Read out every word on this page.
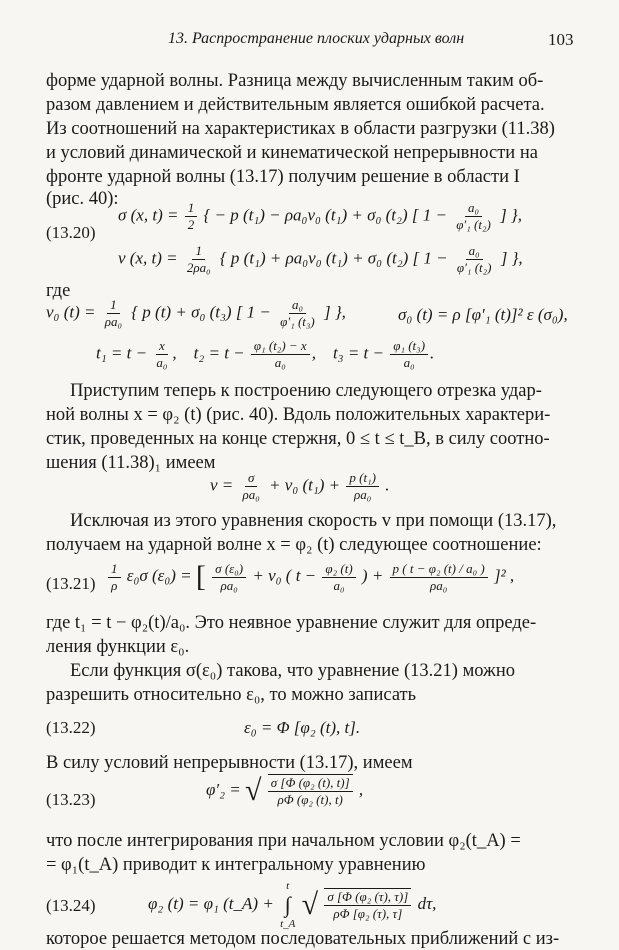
13. Распространение плоских ударных волн	103
форме ударной волны. Разница между вычисленным таким об-
разом давлением и действительным является ошибкой расчета.
Из соотношений на характеристиках в области разгрузки (11.38)
и условий динамической и кинематической непрерывности на
фронте ударной волны (13.17) получим решение в области I
(рис. 40):
(13.20)
σ (x, $t) = \frac{1}{2}$ { − p (t₁) − ρa₀v₀ (t₁) + σ₀ (t₂) [ $1 - \frac{\text{a₀}}{\text{φ′₁ (t₂)}}$ ] },
v (x, $t) = \frac{1}{\text{2ρa₀}}$ { p (t₁) + ρa₀v₀ (t₁) + σ₀ (t₂) [ $1 - \frac{\text{a₀}}{\text{φ′₁ (t₂)}}$ ] },
где
v₀ $(t) = \frac{1}{\text{ρa₀}}$ { p (t) + σ₀ (t₃) [ $1 - \frac{\text{a₀}}{\text{φ′₁ (t₃)}}$ ] },	σ₀ (t) = ρ [φ′₁ (t)]² ε (σ₀),
$t_1 = t - \frac{x}{\text{a₀}}$ , $t_2 = t - \frac{\text{φ₁ (t₂) − x}}{\text{a₀}}$ , $t_3 = t - \frac{\text{φ₁ (t₃)}}{\text{a₀}}$ .
Приступим теперь к построению следующего отрезка удар-
ной волны x = φ₂ (t) (рис. 40). Вдоль положительных характери-
стик, проведенных на конце стержня, 0 ≤ t ≤ t_B, в силу соотно-
шения (11.38)₁ имеем
$v = \frac{\sigma}{\text{ρa₀}} + v_0$ $(t_1) + \frac{\text{p (t₁)}}{\text{ρa₀}}$ .
Исключая из этого уравнения скорость v при помощи (13.17),
получаем на ударной волне x = φ₂ (t) следующее соотношение:
$(13.21) \frac{1}{\rho} \varepsilon_0\sigma$ (ε₀) = [ $\frac{\text{σ (ε₀)}}{\text{ρa₀}} + v_0$ ( $t - \frac{\text{φ₂ (t)}}{\text{a₀}}$ ) + $\frac{\text{p ( t − φ₂ (t) / a₀ )}}{\text{ρa₀}} ]^2$ ,
где t₁ = t − φ₂(t)/a₀. Это неявное уравнение служит для опреде-
ления функции ε₀.
Если функция σ(ε₀) такова, что уравнение (13.21) можно
разрешить относительно ε₀, то можно записать
(13.22)	ε₀ = Φ [φ₂ (t), t].
В силу условий непрерывности (13.17), имеем
(13.23)
φ′₂ = √ $\frac{\text{σ [Φ (φ₂ (t), t)]}}{\text{ρΦ (φ₂ (t), t)}}$ ,
что после интегрирования при начальном условии φ₂(t_A) =
= φ₁(t_A) приводит к интегральному уравнению
(13.24)	φ₂ (t) = φ₁ (t_A) +
t
∫
t_A
√ $\frac{\text{σ [Φ (φ₂ (τ), τ)]}}{\text{ρΦ [φ₂ (τ), τ]}} d\tau$,
которое решается методом последовательных приближений с из-
